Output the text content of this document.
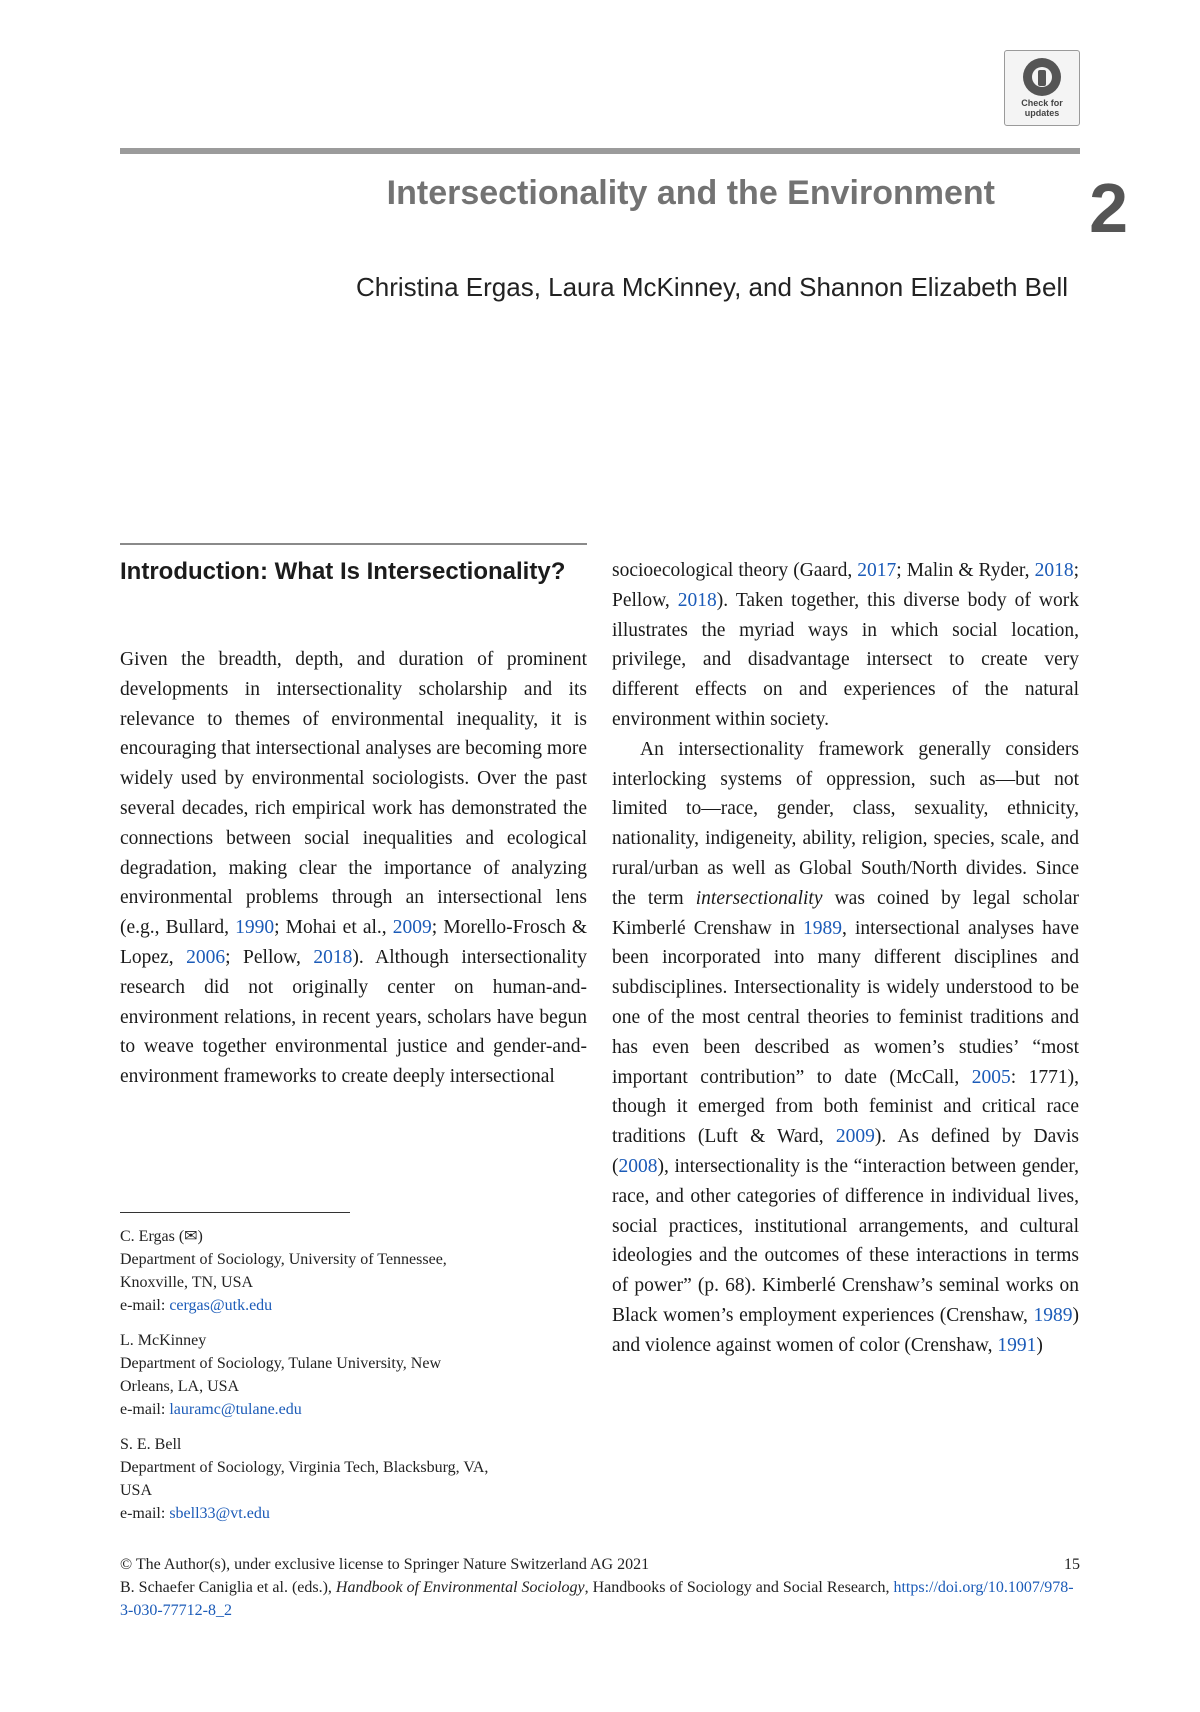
Check for updates
Intersectionality and the Environment 2
Christina Ergas, Laura McKinney, and Shannon Elizabeth Bell
Introduction: What Is Intersectionality?

Given the breadth, depth, and duration of prominent developments in intersectionality scholarship and its relevance to themes of environmental inequality, it is encouraging that intersectional analyses are becoming more widely used by environmental sociologists. Over the past several decades, rich empirical work has demonstrated the connections between social inequalities and ecological degradation, making clear the importance of analyzing environmental problems through an intersectional lens (e.g., Bullard, 1990; Mohai et al., 2009; Morello-Frosch & Lopez, 2006; Pellow, 2018). Although intersectionality research did not originally center on human-and-environment relations, in recent years, scholars have begun to weave together environmental justice and gender-and-environment frameworks to create deeply intersectional

socioecological theory (Gaard, 2017; Malin & Ryder, 2018; Pellow, 2018). Taken together, this diverse body of work illustrates the myriad ways in which social location, privilege, and disadvantage intersect to create very different effects on and experiences of the natural environment within society.

An intersectionality framework generally considers interlocking systems of oppression, such as—but not limited to—race, gender, class, sexuality, ethnicity, nationality, indigeneity, ability, religion, species, scale, and rural/urban as well as Global South/North divides. Since the term intersectionality was coined by legal scholar Kimberlé Crenshaw in 1989, intersectional analyses have been incorporated into many different disciplines and subdisciplines. Intersectionality is widely understood to be one of the most central theories to feminist traditions and has even been described as women’s studies’ “most important contribution” to date (McCall, 2005: 1771), though it emerged from both feminist and critical race traditions (Luft & Ward, 2009). As defined by Davis (2008), intersectionality is the “interaction between gender, race, and other categories of difference in individual lives, social practices, institutional arrangements, and cultural ideologies and the outcomes of these interactions in terms of power” (p. 68). Kimberlé Crenshaw’s seminal works on Black women’s employment experiences (Crenshaw, 1989) and violence against women of color (Crenshaw, 1991)

C. Ergas (✉)
Department of Sociology, University of Tennessee,
Knoxville, TN, USA
e-mail: cergas@utk.edu
L. McKinney
Department of Sociology, Tulane University, New
Orleans, LA, USA
e-mail: lauramc@tulane.edu
S. E. Bell
Department of Sociology, Virginia Tech, Blacksburg, VA,
USA
e-mail: sbell33@vt.edu
© The Author(s), under exclusive license to Springer Nature Switzerland AG 2021	15
B. Schaefer Caniglia et al. (eds.), Handbook of Environmental Sociology, Handbooks of Sociology and Social Research, https://doi.org/10.1007/978-3-030-77712-8_2
